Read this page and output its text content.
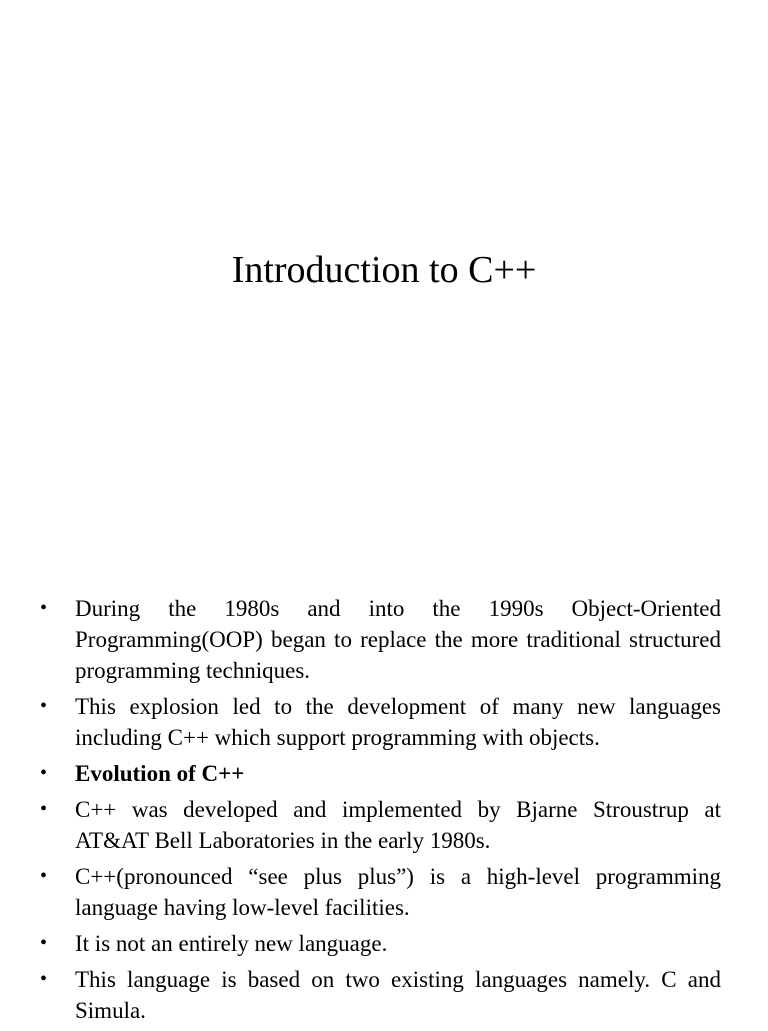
Introduction to C++
•	During the 1980s and into the 1990s Object-Oriented Programming(OOP) began to replace the more traditional structured programming techniques.
•	This explosion led to the development of many new languages including C++ which support programming with objects.
•	Evolution of C++
•	C++ was developed and implemented by Bjarne Stroustrup at AT&AT Bell Laboratories in the early 1980s.
•	C++(pronounced “see plus plus”) is a high-level programming language having low-level facilities.
•	It is not an entirely new language.
•	This language is based on two existing languages namely. C and Simula.
